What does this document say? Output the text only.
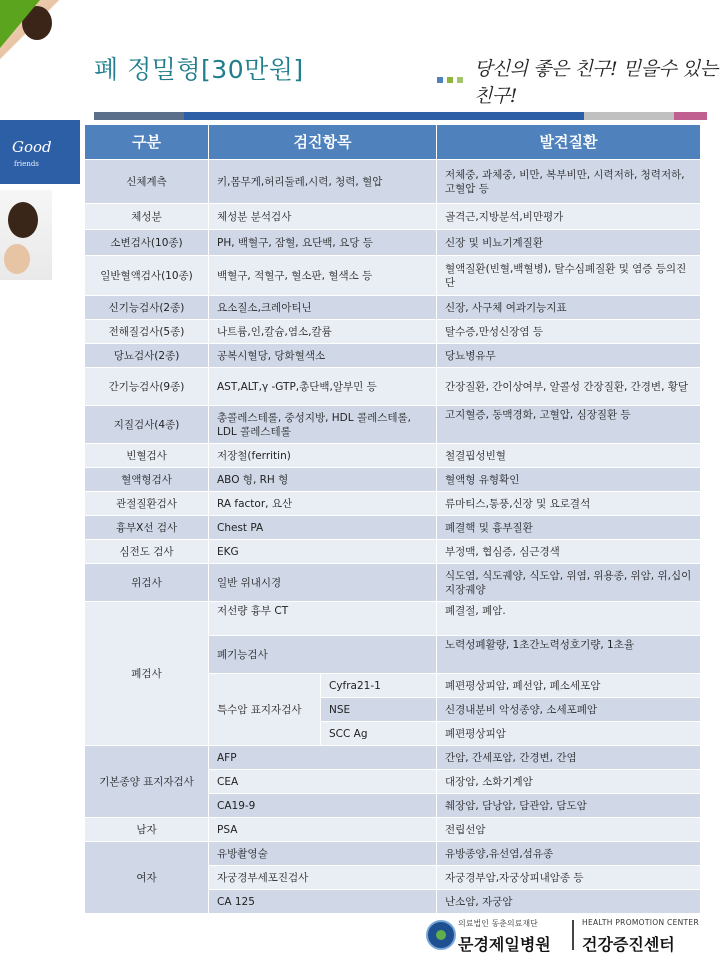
Good
friends
폐 정밀형[30만원]	당신의 좋은 친구! 믿을수 있는 친구!
구분	검진항목		발견질환
신체계측	키,몸무게,허리둘레,시력, 청력, 혈압		저체중, 과체중, 비만, 복부비만, 시력저하, 청력저하, 고혈압 등
체성분	체성분 분석검사		골격근,지방분석,비만평가
소변검사(10종)	PH, 백혈구, 잠혈, 요단백, 요당 등		신장 및 비뇨기계질환
일반혈액검사(10종)	백혈구, 적혈구, 혈소판, 혈색소 등		혈액질환(빈혈,백혈병), 탈수심폐질환 및 염증 등의진단
신기능검사(2종)	요소질소,크레아티닌		신장, 사구체 여과기능지표
전해질검사(5종)	나트륨,인,칼슘,염소,칼륨		탈수증,만성신장염 등
당뇨검사(2종)	공복시혈당, 당화혈색소		당뇨병유무
간기능검사(9종)	AST,ALT,γ -GTP,총단백,알부민 등		간장질환, 간이상여부, 알콜성 간장질환, 간경변, 황달
지질검사(4종)	총콜레스테롤, 중성지방, HDL 콜레스테롤, LDL 콜레스테롤		고지혈증, 동맥경화, 고혈압, 심장질환 등
빈혈검사	저장철(ferritin)		철결핍성빈혈
혈액형검사	ABO 형, RH 형		혈액형 유형확인
관절질환검사	RA factor, 요산		류마티스,통풍,신장 및 요로결석
흉부X선 검사	Chest PA		폐결핵 및 흉부질환
심전도 검사	EKG		부정맥, 협심증, 심근경색
위검사	일반 위내시경		식도염, 식도궤양, 식도암, 위염, 위용종, 위암, 위,십이지장궤양
폐검사	저선량 흉부 CT		폐결절, 폐암.
	폐기능검사		노력성폐활량, 1초간노력성호기량, 1초율
	특수암 표지자검사	Cyfra21-1	폐편평상피암, 폐선암, 폐소세포암
		NSE	신경내분비 악성종양, 소세포폐암
		SCC Ag	폐편평상피암

기본종양 표지자검사	AFP		간암, 간세포암, 간경변, 간염
	CEA		대장암, 소화기계암
	CA19-9		췌장암, 담낭암, 담관암, 담도암
남자	PSA		전립선암
여자	유방촬영술		유방종양,유선염,섬유종
	자궁경부세포진검사		자궁경부암,자궁상피내암종 등
	CA 125		난소암, 자궁암
의료법인 동춘의료재단
문경제일병원
HEALTH PROMOTION CENTER
건강증진센터
